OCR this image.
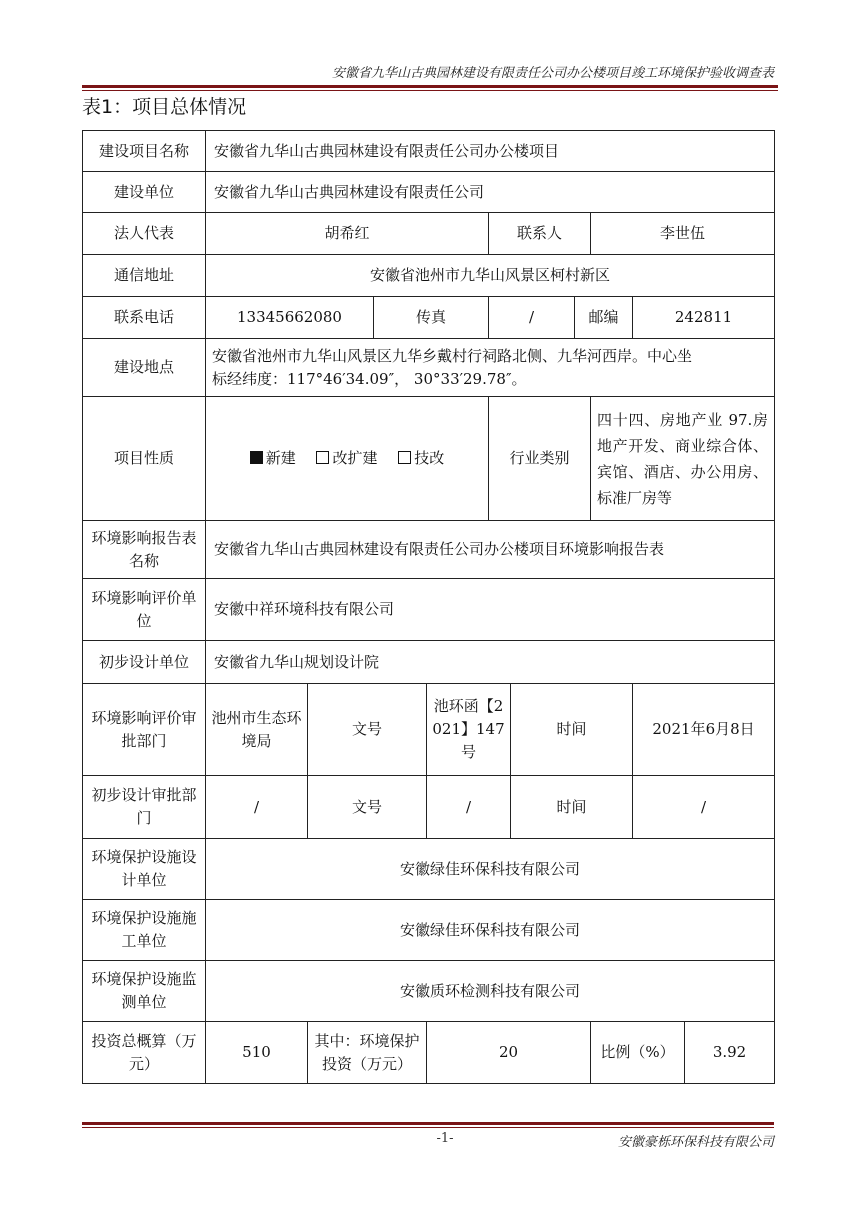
安徽省九华山古典园林建设有限责任公司办公楼项目竣工环境保护验收调查表
表1：项目总体情况
建设项目名称	安徽省九华山古典园林建设有限责任公司办公楼项目									
建设单位	安徽省九华山古典园林建设有限责任公司									
法人代表	胡希红				联系人			李世伍		
通信地址	安徽省池州市九华山风景区柯村新区									
联系电话	13345662080		传真		/		邮编		242811	
建设地点	安徽省池州市九华山风景区九华乡戴村行祠路北侧、九华河西岸。中心坐
标经纬度：117°46′34.09″， 30°33′29.78″。									

项目性质	新建 改扩建 技改				行业类别			四十四、房地产业 97.房地产开发、商业综合体、宾馆、酒店、办公用房、标准厂房等		
环境影响报告表名称	安徽省九华山古典园林建设有限责任公司办公楼项目环境影响报告表									
环境影响评价单位	安徽中祥环境科技有限公司									
初步设计单位	安徽省九华山规划设计院									
环境影响评价审批部门	池州市生态环境局	文号		池环函【2021】147号		时间			2021年6月8日	
初步设计审批部门	/	文号		/		时间			/	
环境保护设施设计单位	安徽绿佳环保科技有限公司									
环境保护设施施工单位	安徽绿佳环保科技有限公司									
环境保护设施监测单位	安徽质环检测科技有限公司									
投资总概算（万元）	510	其中：环境保护投资（万元）		20				比例（%）		3.92
-1-	安徽豪栎环保科技有限公司
